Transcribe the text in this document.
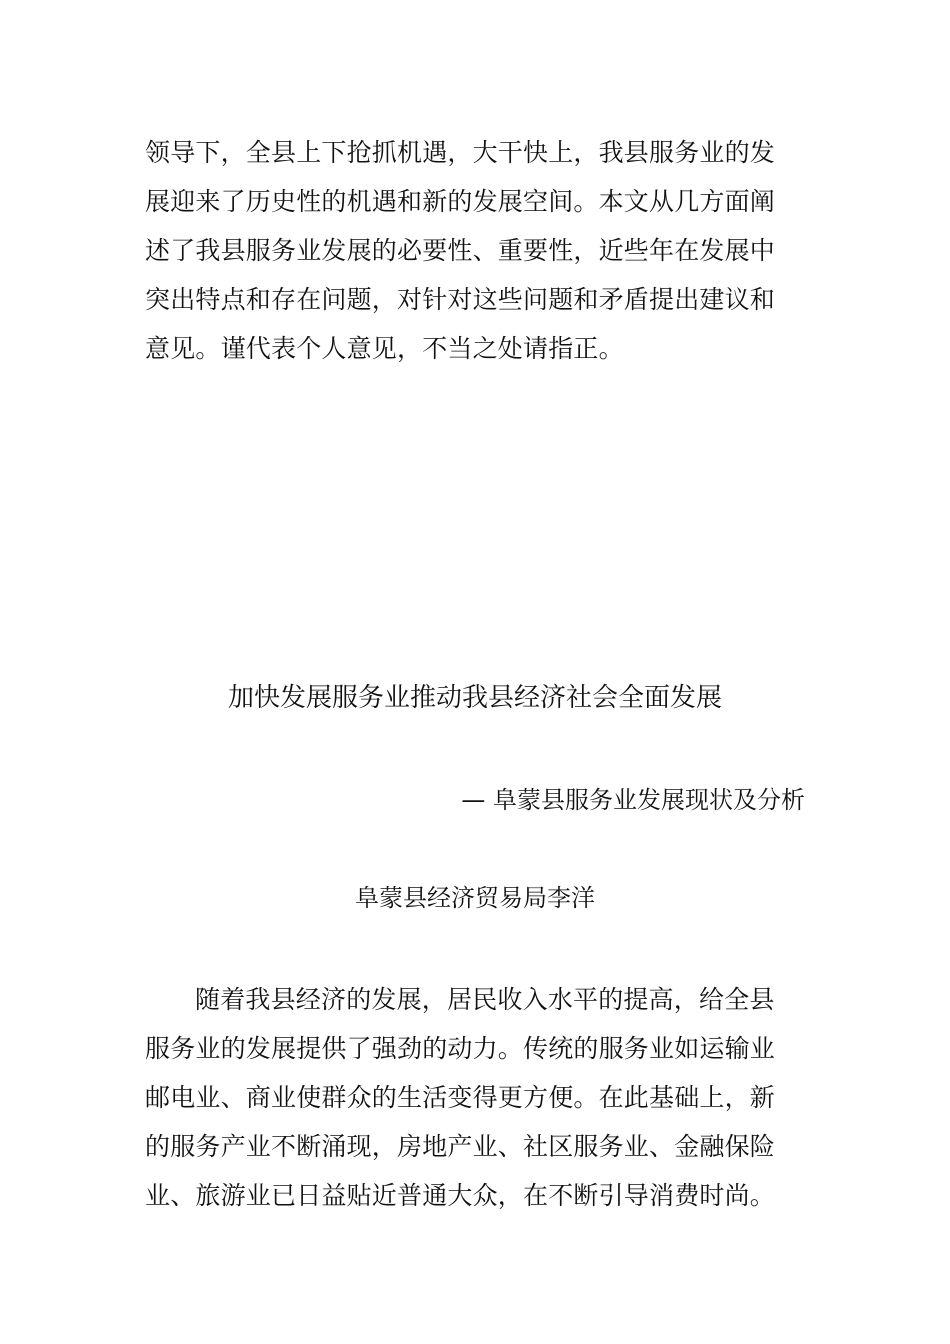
领导下，全县上下抢抓机遇，大干快上，我县服务业的发
展迎来了历史性的机遇和新的发展空间。本文从几方面阐
述了我县服务业发展的必要性、重要性，近些年在发展中
突出特点和存在问题，对针对这些问题和矛盾提出建议和
意见。谨代表个人意见，不当之处请指正。

加快发展服务业推动我县经济社会全面发展

— 阜蒙县服务业发展现状及分析

阜蒙县经济贸易局李洋

随着我县经济的发展，居民收入水平的提高，给全县
服务业的发展提供了强劲的动力。传统的服务业如运输业
邮电业、商业使群众的生活变得更方便。在此基础上，新
的服务产业不断涌现，房地产业、社区服务业、金融保险
业、旅游业已日益贴近普通大众，在不断引导消费时尚。
